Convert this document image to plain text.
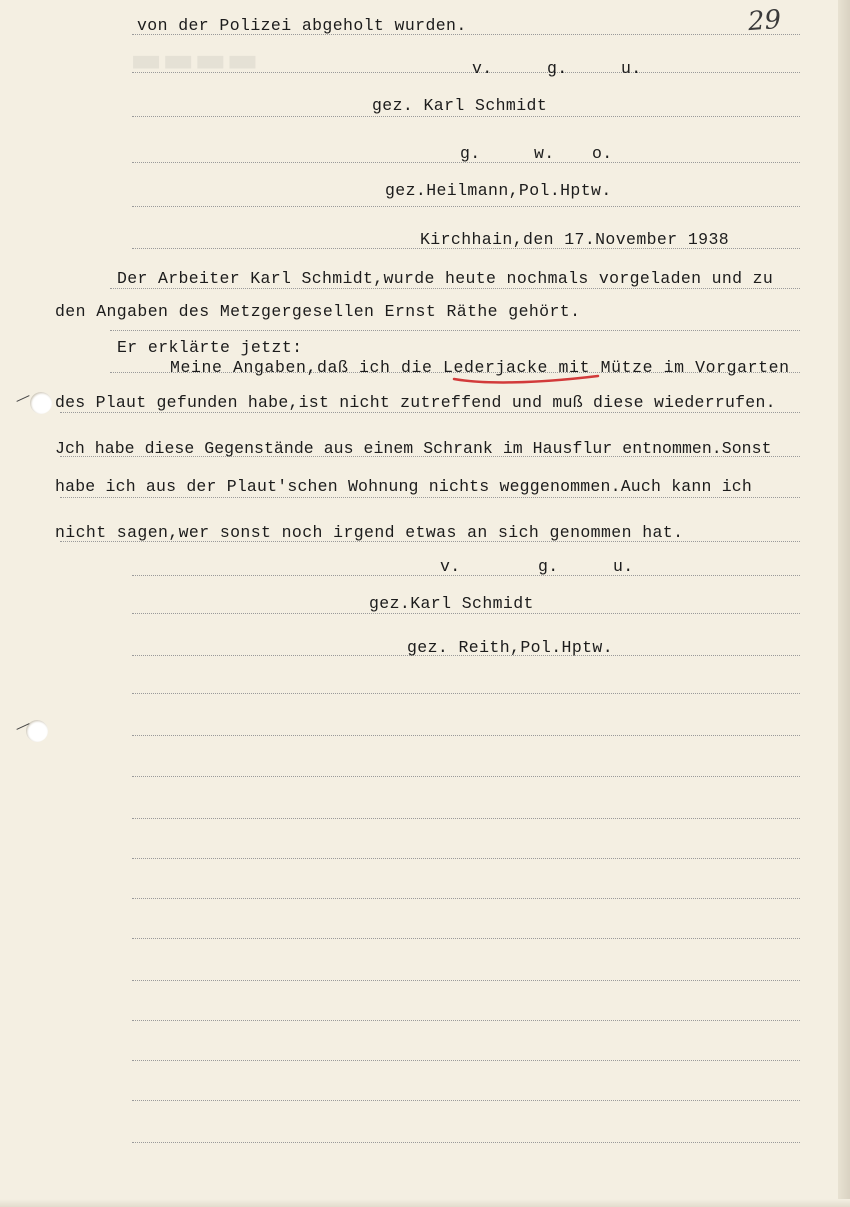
▬▬▬▬
29
von der Polizei abgeholt wurden.
v.	g.	u.
gez. Karl Schmidt
g.	w. o.
gez.Heilmann,Pol.Hptw.
Kirchhain,den 17.November 1938
Der Arbeiter Karl Schmidt,wurde heute nochmals vorgeladen und zu
den Angaben des Metzgergesellen Ernst Räthe gehört.
Er erklärte jetzt:
Meine Angaben,daß ich die Lederjacke mit Mütze im Vorgarten
des Plaut gefunden habe,ist nicht zutreffend und muß diese wiederrufen.
Jch habe diese Gegenstände aus einem Schrank im Hausflur entnommen.Sonst
habe ich aus der Plaut'schen Wohnung nichts weggenommen.Auch kann ich
nicht sagen,wer sonst noch irgend etwas an sich genommen hat.
v.	g.	u.
gez.Karl Schmidt
gez. Reith,Pol.Hptw.
